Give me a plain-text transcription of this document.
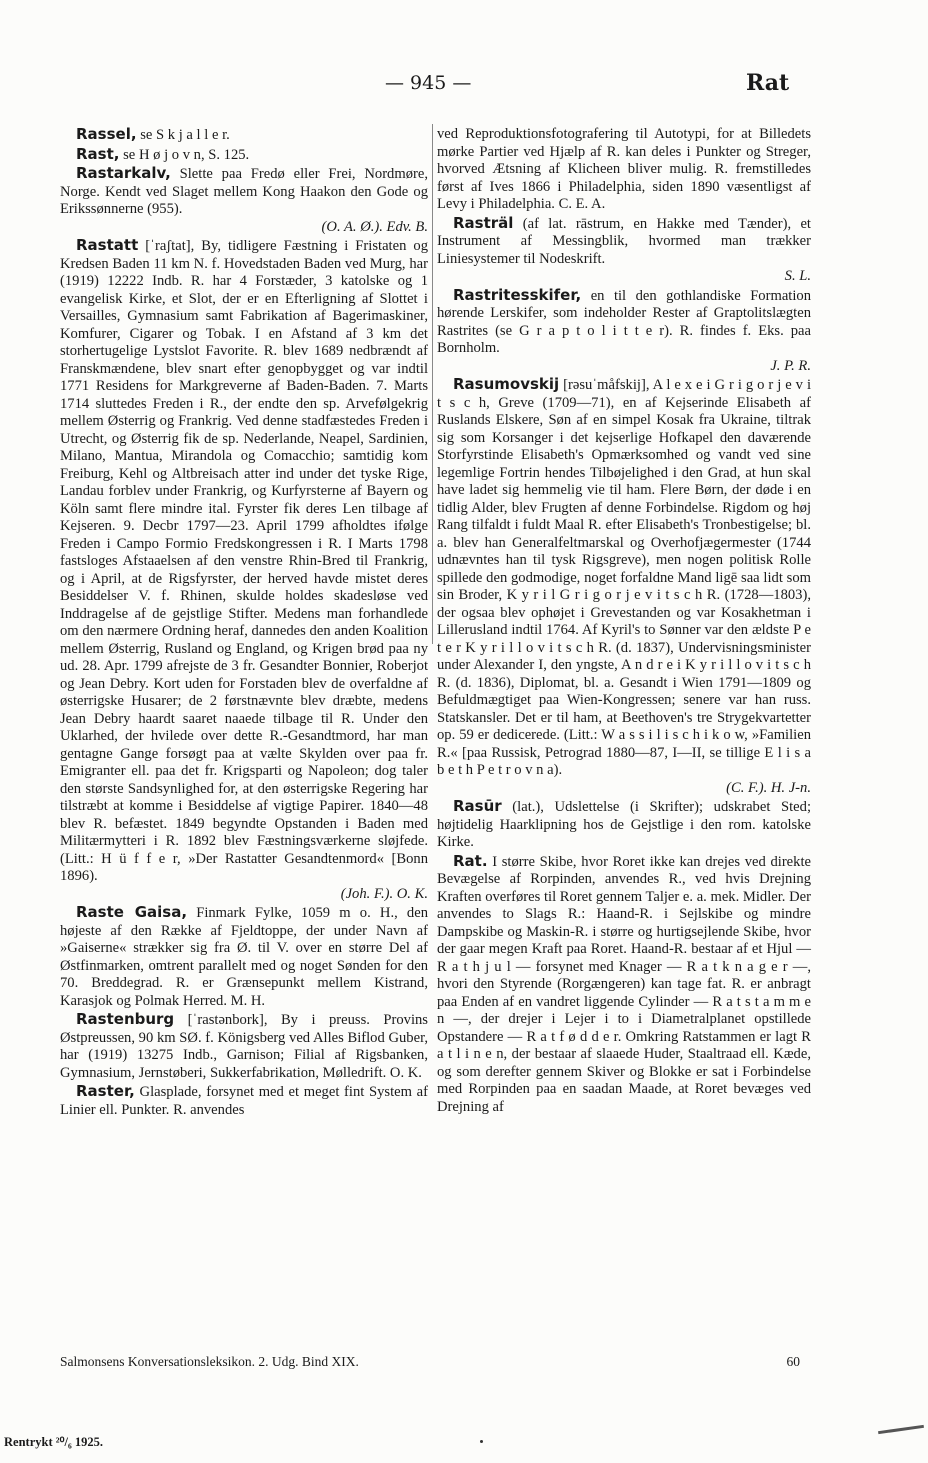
— 945 —	Rat

Rassel, se S k j a l l e r.

Rast, se H ø j o v n, S. 125.

Rastarkalv, Slette paa Fredø eller Frei, Nordmøre, Norge. Kendt ved Slaget mellem Kong Haakon den Gode og Erikssønnerne (955).
(O. A. Ø.). Edv. B.

Rastatt [ˈraʃtat], By, tidligere Fæstning i Fristaten og Kredsen Baden 11 km N. f. Hovedstaden Baden ved Murg, har (1919) 12222 Indb. R. har 4 Forstæder, 3 katolske og 1 evangelisk Kirke, et Slot, der er en Efterligning af Slottet i Versailles, Gymnasium samt Fabrikation af Bagerimaskiner, Komfurer, Cigarer og Tobak. I en Afstand af 3 km det storhertugelige Lystslot Favorite. R. blev 1689 nedbrændt af Franskmændene, blev snart efter genopbygget og var indtil 1771 Residens for Markgreverne af Baden-Baden. 7. Marts 1714 sluttedes Freden i R., der endte den sp. Arvefølgekrig mellem Østerrig og Frankrig. Ved denne stadfæstedes Freden i Utrecht, og Østerrig fik de sp. Nederlande, Neapel, Sardinien, Milano, Mantua, Mirandola og Comacchio; samtidig kom Freiburg, Kehl og Altbreisach atter ind under det tyske Rige, Landau forblev under Frankrig, og Kurfyrsterne af Bayern og Köln samt flere mindre ital. Fyrster fik deres Len tilbage af Kejseren. 9. Decbr 1797—23. April 1799 afholdtes ifølge Freden i Campo Formio Fredskongressen i R. I Marts 1798 fastsloges Afstaaelsen af den venstre Rhin-Bred til Frankrig, og i April, at de Rigsfyrster, der herved havde mistet deres Besiddelser V. f. Rhinen, skulde holdes skadesløse ved Inddragelse af de gejstlige Stifter. Medens man forhandlede om den nærmere Ordning heraf, dannedes den anden Koalition mellem Østerrig, Rusland og England, og Krigen brød paa ny ud. 28. Apr. 1799 afrejste de 3 fr. Gesandter Bonnier, Roberjot og Jean Debry. Kort uden for Forstaden blev de overfaldne af østerrigske Husarer; de 2 førstnævnte blev dræbte, medens Jean Debry haardt saaret naaede tilbage til R. Under den Uklarhed, der hvilede over dette R.-Gesandtmord, har man gentagne Gange forsøgt paa at vælte Skylden over paa fr. Emigranter ell. paa det fr. Krigsparti og Napoleon; dog taler den største Sandsynlighed for, at den østerrigske Regering har tilstræbt at komme i Besiddelse af vigtige Papirer. 1840—48 blev R. befæstet. 1849 begyndte Opstanden i Baden med Militærmytteri i R. 1892 blev Fæstningsværkerne sløjfede. (Litt.: H ü f f e r, »Der Rastatter Gesandtenmord« [Bonn 1896).
(Joh. F.). O. K.

Raste Gaisa, Finmark Fylke, 1059 m o. H., den højeste af den Række af Fjeldtoppe, der under Navn af »Gaiserne« strækker sig fra Ø. til V. over en større Del af Østfinmarken, omtrent parallelt med og noget Sønden for den 70. Breddegrad. R. er Grænsepunkt mellem Kistrand, Karasjok og Polmak Herred. M. H.

Rastenburg [ˈrastənbork], By i preuss. Provins Østpreussen, 90 km SØ. f. Königsberg ved Alles Biflod Guber, har (1919) 13275 Indb., Garnison; Filial af Rigsbanken, Gymnasium, Jernstøberi, Sukkerfabrikation, Mølledrift. O. K.

Raster, Glasplade, forsynet med et meget fint System af Linier ell. Punkter. R. anvendes

ved Reproduktionsfotografering til Autotypi, for at Billedets mørke Partier ved Hjælp af R. kan deles i Punkter og Streger, hvorved Ætsning af Klicheen bliver mulig. R. fremstilledes først af Ives 1866 i Philadelphia, siden 1890 væsentligst af Levy i Philadelphia. C. E. A.

Rasträl (af lat. rāstrum, en Hakke med Tænder), et Instrument af Messingblik, hvormed man trækker Liniesystemer til Nodeskrift.
S. L.

Rastritesskifer, en til den gothlandiske Formation hørende Lerskifer, som indeholder Rester af Graptolitslægten Rastrites (se G r a p t o l i t t e r). R. findes f. Eks. paa Bornholm.
J. P. R.

Rasumovskij [rəsuˈmåfskij], A l e x e i G r i g o r j e v i t s c h, Greve (1709—71), en af Kejserinde Elisabeth af Ruslands Elskere, Søn af en simpel Kosak fra Ukraine, tiltrak sig som Korsanger i det kejserlige Hofkapel den daværende Storfyrstinde Elisabeth's Opmærksomhed og vandt ved sine legemlige Fortrin hendes Tilbøjelighed i den Grad, at hun skal have ladet sig hemmelig vie til ham. Flere Børn, der døde i en tidlig Alder, blev Frugten af denne Forbindelse. Rigdom og høj Rang tilfaldt i fuldt Maal R. efter Elisabeth's Tronbestigelse; bl. a. blev han Generalfeltmarskal og Overhofjægermester (1744 udnævntes han til tysk Rigsgreve), men nogen politisk Rolle spillede den godmodige, noget forfaldne Mand ligē saa lidt som sin Broder, K y r i l G r i g o r j e v i t s c h R. (1728—1803), der ogsaa blev ophøjet i Grevestanden og var Kosakhetman i Lillerusland indtil 1764. Af Kyril's to Sønner var den ældste P e t e r K y r i l l o v i t s c h R. (d. 1837), Undervisningsminister under Alexander I, den yngste, A n d r e i K y r i l l o v i t s c h R. (d. 1836), Diplomat, bl. a. Gesandt i Wien 1791—1809 og Befuldmægtiget paa Wien-Kongressen; senere var han russ. Statskansler. Det er til ham, at Beethoven's tre Strygekvartetter op. 59 er dedicerede. (Litt.: W a s s i l i s c h i k o w, »Familien R.« [paa Russisk, Petrograd 1880—87, I—II, se tillige E l i s a b e t h P e t r o v n a).
(C. F.). H. J-n.

Rasūr (lat.), Udslettelse (i Skrifter); udskrabet Sted; højtidelig Haarklipning hos de Gejstlige i den rom. katolske Kirke.

Rat. I større Skibe, hvor Roret ikke kan drejes ved direkte Bevægelse af Rorpinden, anvendes R., ved hvis Drejning Kraften overføres til Roret gennem Taljer e. a. mek. Midler. Der anvendes to Slags R.: Haand-R. i Sejlskibe og mindre Dampskibe og Maskin-R. i større og hurtigsejlende Skibe, hvor der gaar megen Kraft paa Roret. Haand-R. bestaar af et Hjul — R a t h j u l — forsynet med Knager — R a t k n a g e r —, hvori den Styrende (Rorgængeren) kan tage fat. R. er anbragt paa Enden af en vandret liggende Cylinder — R a t s t a m m e n —, der drejer i Lejer i to i Diametralplanet opstillede Opstandere — R a t f ø d d e r. Omkring Ratstammen er lagt R a t l i n e n, der bestaar af slaaede Huder, Staaltraad ell. Kæde, og som derefter gennem Skiver og Blokke er sat i Forbindelse med Rorpinden paa en saadan Maade, at Roret bevæges ved Drejning af

Salmonsens Konversationsleksikon. 2. Udg. Bind XIX.	60
Rentrykt ²⁰/₆ 1925.
